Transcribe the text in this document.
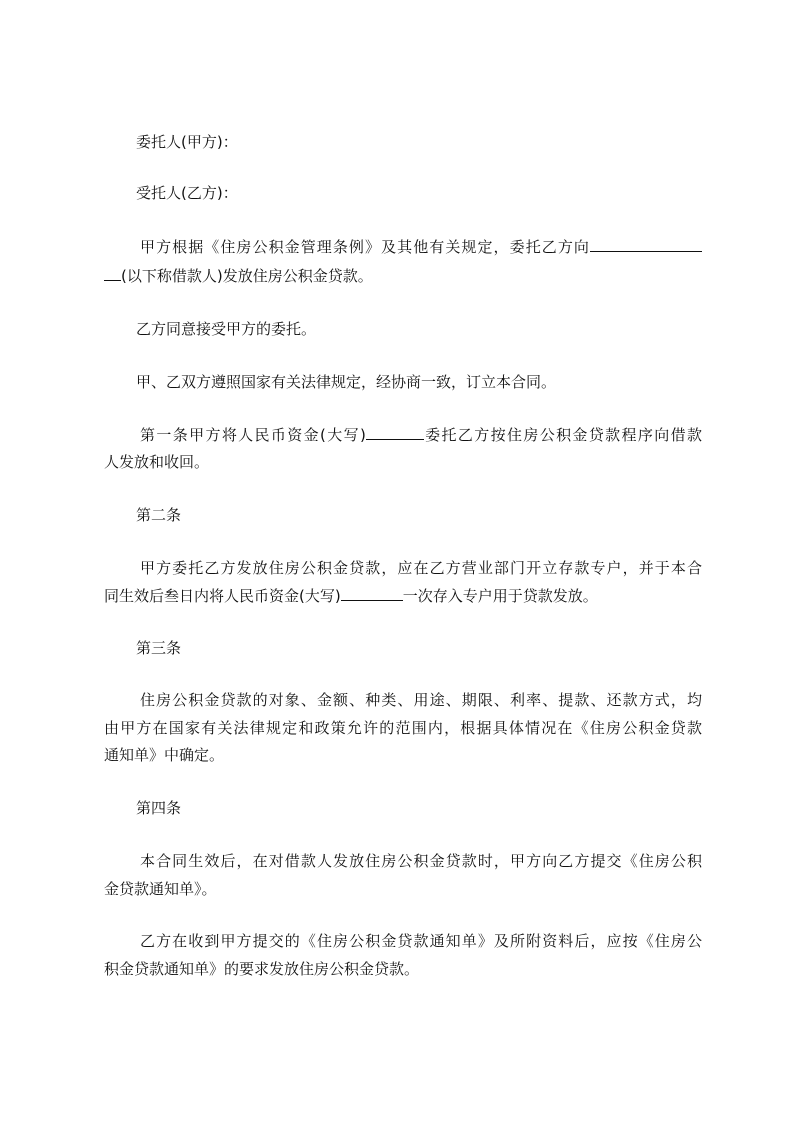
委托人(甲方)：

受托人(乙方)：

甲方根据《住房公积金管理条例》及其他有关规定，委托乙方向

(以下称借款人)发放住房公积金贷款。

乙方同意接受甲方的委托。

甲、乙双方遵照国家有关法律规定，经协商一致，订立本合同。

第一条甲方将人民币资金(大写)	委托乙方按住房公积金贷款程序向借款

人发放和收回。

第二条

甲方委托乙方发放住房公积金贷款，应在乙方营业部门开立存款专户，并于本合

同生效后叁日内将人民币资金(大写)	一次存入专户用于贷款发放。

第三条

住房公积金贷款的对象、金额、种类、用途、期限、利率、提款、还款方式，均

由甲方在国家有关法律规定和政策允许的范围内，根据具体情况在《住房公积金贷款

通知单》中确定。

第四条

本合同生效后，在对借款人发放住房公积金贷款时，甲方向乙方提交《住房公积

金贷款通知单》。

乙方在收到甲方提交的《住房公积金贷款通知单》及所附资料后，应按《住房公

积金贷款通知单》的要求发放住房公积金贷款。
